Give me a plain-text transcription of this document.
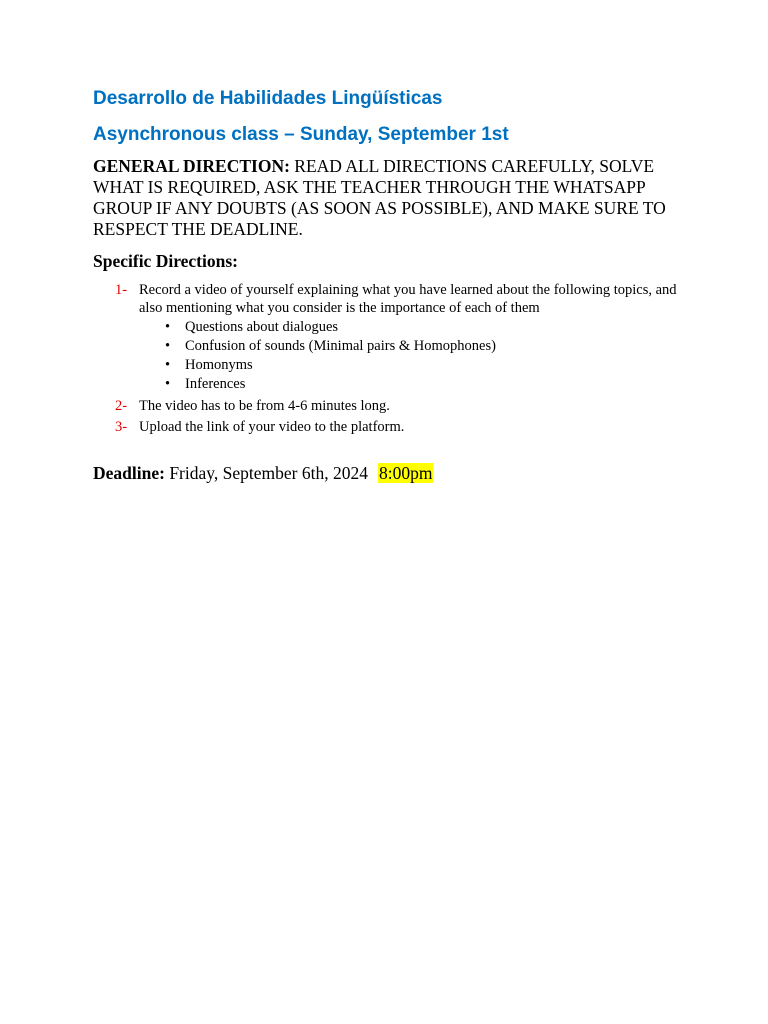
Desarrollo de Habilidades Lingüísticas
Asynchronous class – Sunday, September 1st

GENERAL DIRECTION: READ ALL DIRECTIONS CAREFULLY, SOLVE WHAT IS REQUIRED, ASK THE TEACHER THROUGH THE WHATSAPP GROUP IF ANY DOUBTS (AS SOON AS POSSIBLE), AND MAKE SURE TO RESPECT THE DEADLINE.

Specific Directions:

1- Record a video of yourself explaining what you have learned about the following topics, and also mentioning what you consider is the importance of each of them
• Questions about dialogues
• Confusion of sounds (Minimal pairs & Homophones)
• Homonyms
• Inferences
2- The video has to be from 4-6 minutes long.
3- Upload the link of your video to the platform.

Deadline: Friday, September 6th, 2024 8:00pm
